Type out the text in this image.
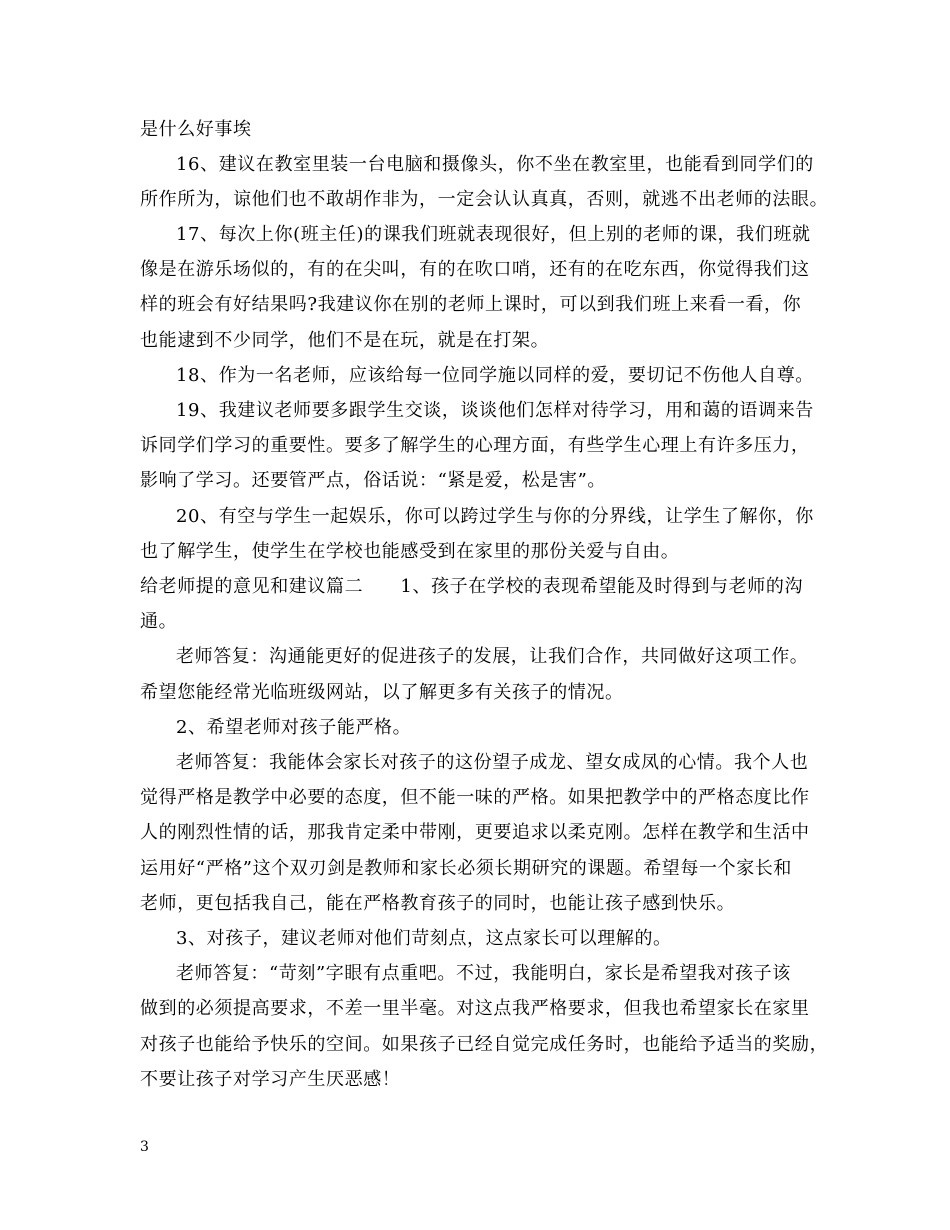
是什么好事埃
16、建议在教室里装一台电脑和摄像头，你不坐在教室里，也能看到同学们的
所作所为，谅他们也不敢胡作非为，一定会认认真真，否则，就逃不出老师的法眼。
17、每次上你(班主任)的课我们班就表现很好，但上别的老师的课，我们班就
像是在游乐场似的，有的在尖叫，有的在吹口哨，还有的在吃东西，你觉得我们这
样的班会有好结果吗?我建议你在别的老师上课时，可以到我们班上来看一看，你
也能逮到不少同学，他们不是在玩，就是在打架。
18、作为一名老师，应该给每一位同学施以同样的爱，要切记不伤他人自尊。
19、我建议老师要多跟学生交谈，谈谈他们怎样对待学习，用和蔼的语调来告
诉同学们学习的重要性。要多了解学生的心理方面，有些学生心理上有许多压力，
影响了学习。还要管严点，俗话说：“紧是爱，松是害”。
20、有空与学生一起娱乐，你可以跨过学生与你的分界线，让学生了解你，你
也了解学生，使学生在学校也能感受到在家里的那份关爱与自由。
给老师提的意见和建议篇二　　1、孩子在学校的表现希望能及时得到与老师的沟
通。
老师答复：沟通能更好的促进孩子的发展，让我们合作，共同做好这项工作。
希望您能经常光临班级网站，以了解更多有关孩子的情况。
2、希望老师对孩子能严格。
老师答复：我能体会家长对孩子的这份望子成龙、望女成凤的心情。我个人也
觉得严格是教学中必要的态度，但不能一味的严格。如果把教学中的严格态度比作
人的刚烈性情的话，那我肯定柔中带刚，更要追求以柔克刚。怎样在教学和生活中
运用好“严格”这个双刃剑是教师和家长必须长期研究的课题。希望每一个家长和
老师，更包括我自己，能在严格教育孩子的同时，也能让孩子感到快乐。
3、对孩子，建议老师对他们苛刻点，这点家长可以理解的。
老师答复：“苛刻”字眼有点重吧。不过，我能明白，家长是希望我对孩子该
做到的必须提高要求，不差一里半毫。对这点我严格要求，但我也希望家长在家里
对孩子也能给予快乐的空间。如果孩子已经自觉完成任务时，也能给予适当的奖励，
不要让孩子对学习产生厌恶感！
3
